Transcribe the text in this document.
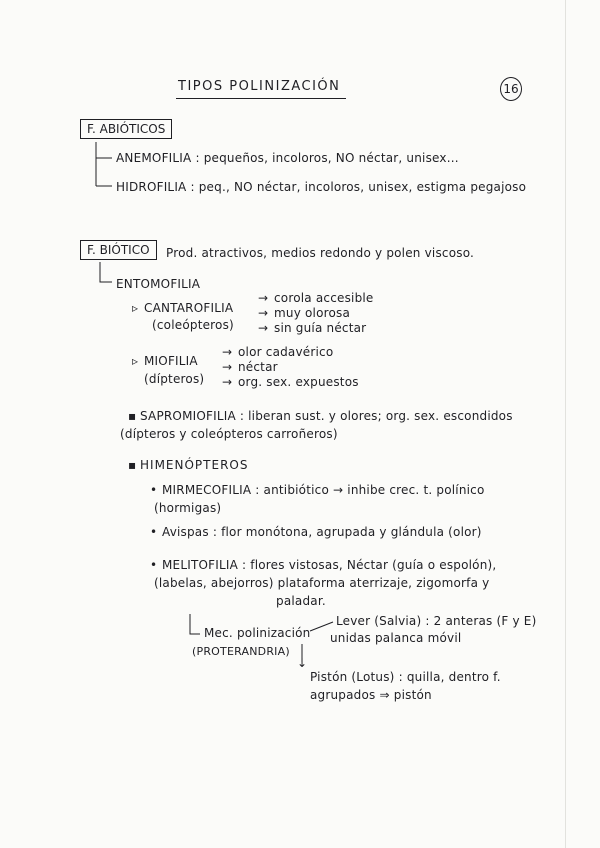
TIPOS POLINIZACIÓN	16
F. ABIÓTICOS
ANEMOFILIA : pequeños, incoloros, NO néctar, unisex...
HIDROFILIA : peq., NO néctar, incoloros, unisex, estigma pegajoso
F. BIÓTICO	Prod. atractivos, medios redondo y polen viscoso.
ENTOMOFILIA
▹ CANTAROFILIA
(coleópteros)
→ corola accesible
→ muy olorosa
→ sin guía néctar
▹ MIOFILIA
(dípteros)
→ olor cadavérico
→ néctar
→ org. sex. expuestos
▪ SAPROMIOFILIA : liberan sust. y olores; org. sex. escondidos
(dípteros y coleópteros carroñeros)
▪ HIMENÓPTEROS
• MIRMECOFILIA : antibiótico → inhibe crec. t. polínico
(hormigas)
• Avispas : flor monótona, agrupada y glándula (olor)
• MELITOFILIA : flores vistosas, Néctar (guía o espolón),
(labelas, abejorros) plataforma aterrizaje, zigomorfa y
paladar.
Mec. polinización
(PROTERANDRIA)
Lever (Salvia) : 2 anteras (F y E)
unidas palanca móvil
↓
Pistón (Lotus) : quilla, dentro f.
agrupados ⇒ pistón
